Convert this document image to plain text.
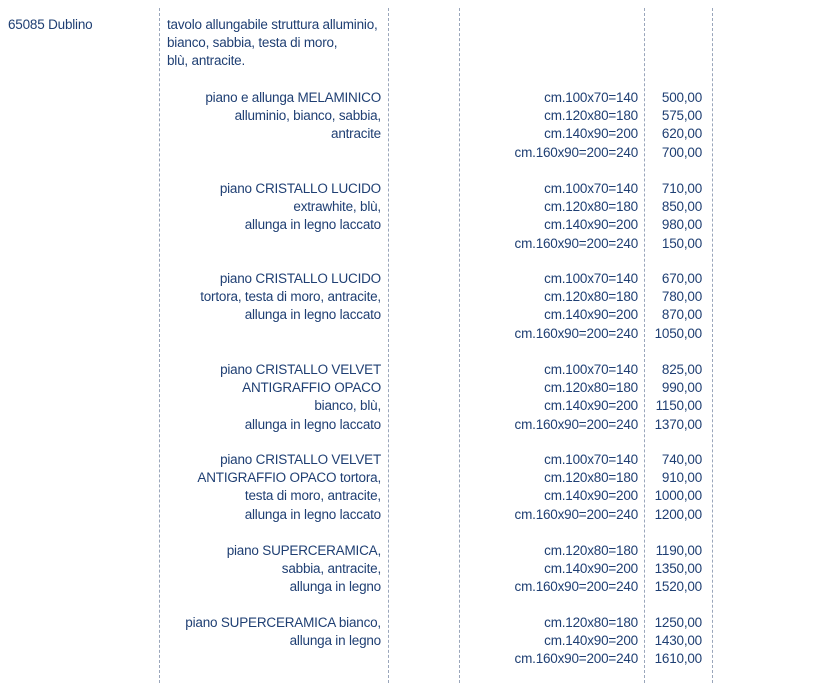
65085 Dublino	tavolo allungabile struttura alluminio,
bianco, sabbia, testa di moro,
blù, antracite.
piano e allunga MELAMINICO
alluminio, bianco, sabbia,
antracite
cm.100x70=140
cm.120x80=180
cm.140x90=200
cm.160x90=200=240
500,00
575,00
620,00
700,00
piano CRISTALLO LUCIDO
extrawhite, blù,
allunga in legno laccato
cm.100x70=140
cm.120x80=180
cm.140x90=200
cm.160x90=200=240
710,00
850,00
980,00
150,00
piano CRISTALLO LUCIDO
tortora, testa di moro, antracite,
allunga in legno laccato
cm.100x70=140
cm.120x80=180
cm.140x90=200
cm.160x90=200=240
670,00
780,00
870,00
1050,00
piano CRISTALLO VELVET
ANTIGRAFFIO OPACO
bianco, blù,
allunga in legno laccato
cm.100x70=140
cm.120x80=180
cm.140x90=200
cm.160x90=200=240
825,00
990,00
1150,00
1370,00
piano CRISTALLO VELVET
ANTIGRAFFIO OPACO tortora,
testa di moro, antracite,
allunga in legno laccato
cm.100x70=140
cm.120x80=180
cm.140x90=200
cm.160x90=200=240
740,00
910,00
1000,00
1200,00
piano SUPERCERAMICA,
sabbia, antracite,
allunga in legno
cm.120x80=180
cm.140x90=200
cm.160x90=200=240
1190,00
1350,00
1520,00
piano SUPERCERAMICA bianco,
allunga in legno
cm.120x80=180
cm.140x90=200
cm.160x90=200=240
1250,00
1430,00
1610,00
